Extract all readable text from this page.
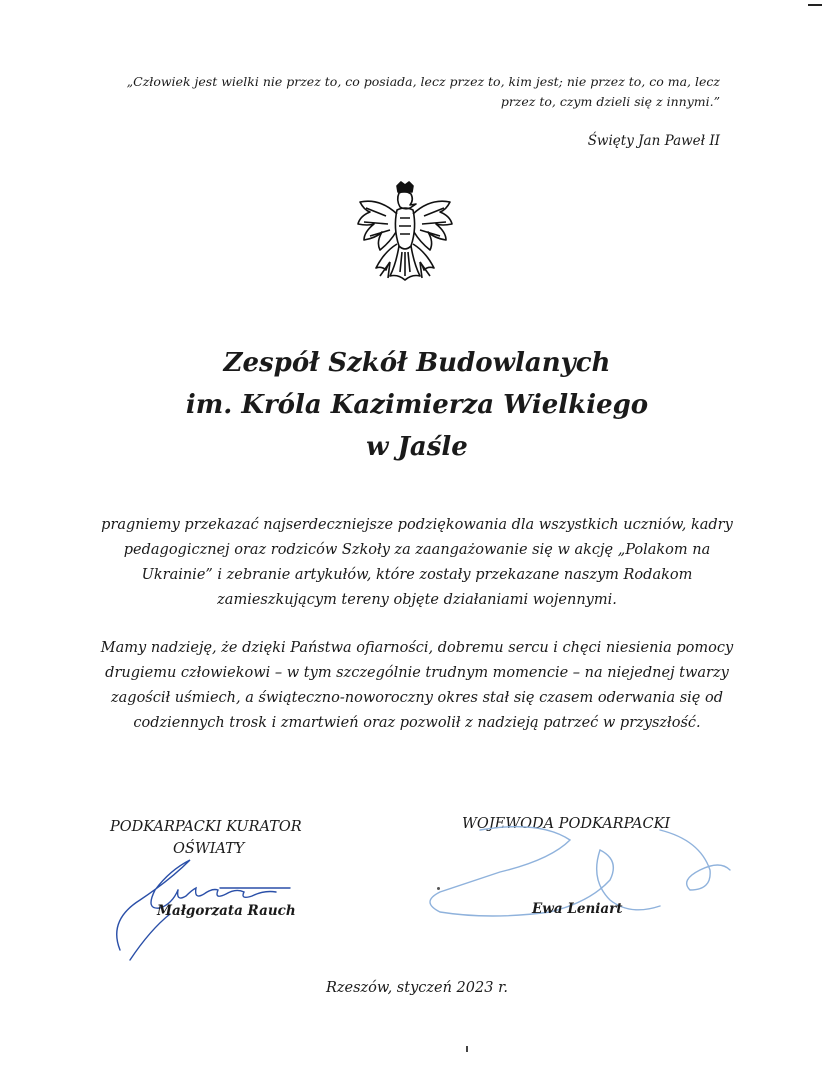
„Człowiek jest wielki nie przez to, co posiada, lecz przez to, kim jest; nie przez to, co ma, lecz przez to, czym dzieli się z innymi.”
Święty Jan Paweł II
Zespół Szkół Budowlanych
im. Króla Kazimierza Wielkiego
w Jaśle
pragniemy przekazać najserdeczniejsze podziękowania dla wszystkich uczniów, kadry pedagogicznej oraz rodziców Szkoły za zaangażowanie się w akcję „Polakom na Ukrainie” i zebranie artykułów, które zostały przekazane naszym Rodakom zamieszkującym tereny objęte działaniami wojennymi.
Mamy nadzieję, że dzięki Państwa ofiarności, dobremu sercu i chęci niesienia pomocy drugiemu człowiekowi – w tym szczególnie trudnym momencie – na niejednej twarzy zagościł uśmiech, a świąteczno-noworoczny okres stał się czasem oderwania się od codziennych trosk i zmartwień oraz pozwolił z nadzieją patrzeć w przyszłość.
PODKARPACKI KURATOR
OŚWIATY
Małgorzata Rauch
WOJEWODA PODKARPACKI
Ewa Leniart
Rzeszów, styczeń 2023 r.
